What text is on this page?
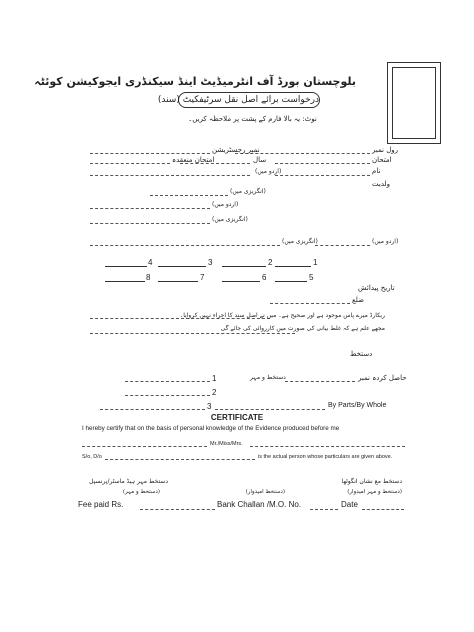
بلوچستان بورڈ آف انٹرمیڈیٹ اینڈ سیکنڈری ایجوکیشن کوئٹہ
درخواست برائے اصل نقل سرٹیفکیٹ (سند)
نوٹ: یہ بالا فارم کے پشت پر ملاحظہ کریں۔
رول نمبر
نمبر رجسٹریشن
امتحان
سال
امتحان منعقدہ
نام
(اردو میں)
(انگریزی میں)
ولدیت
(اردو میں)
(انگریزی میں)
(انگریزی میں)	(اردو میں)
4	3	2	1
8	7	6	5
تاریخ پیدائش
ضلع
ریکارڈ میرے پاس موجود ہے اور صحیح ہے۔ میں نے اصل سند کا اجراء نہیں کروایا۔
مجھے علم ہے کہ غلط بیانی کی صورت میں کارروائی کی جائے گی
دستخط
1	دستخط و مہر	حاصل کردہ نمبر
2
3	By Parts/By Whole
CERTIFICATE
I hereby certify that on the basis of personal knowledge of the Evidence produced before me
Mr./Miss/Mrs.
S/o, D/o	is the actual person whose particulars are given above.
دستخط مہر ہیڈ ماسٹر/پرنسپل
(دستخط و مہر)	(دستخط امیدوار)
دستخط مع نشان انگوٹھا
(دستخط و مہر امیدوار)
Fee paid Rs.	Bank Challan /M.O. No.	Date
